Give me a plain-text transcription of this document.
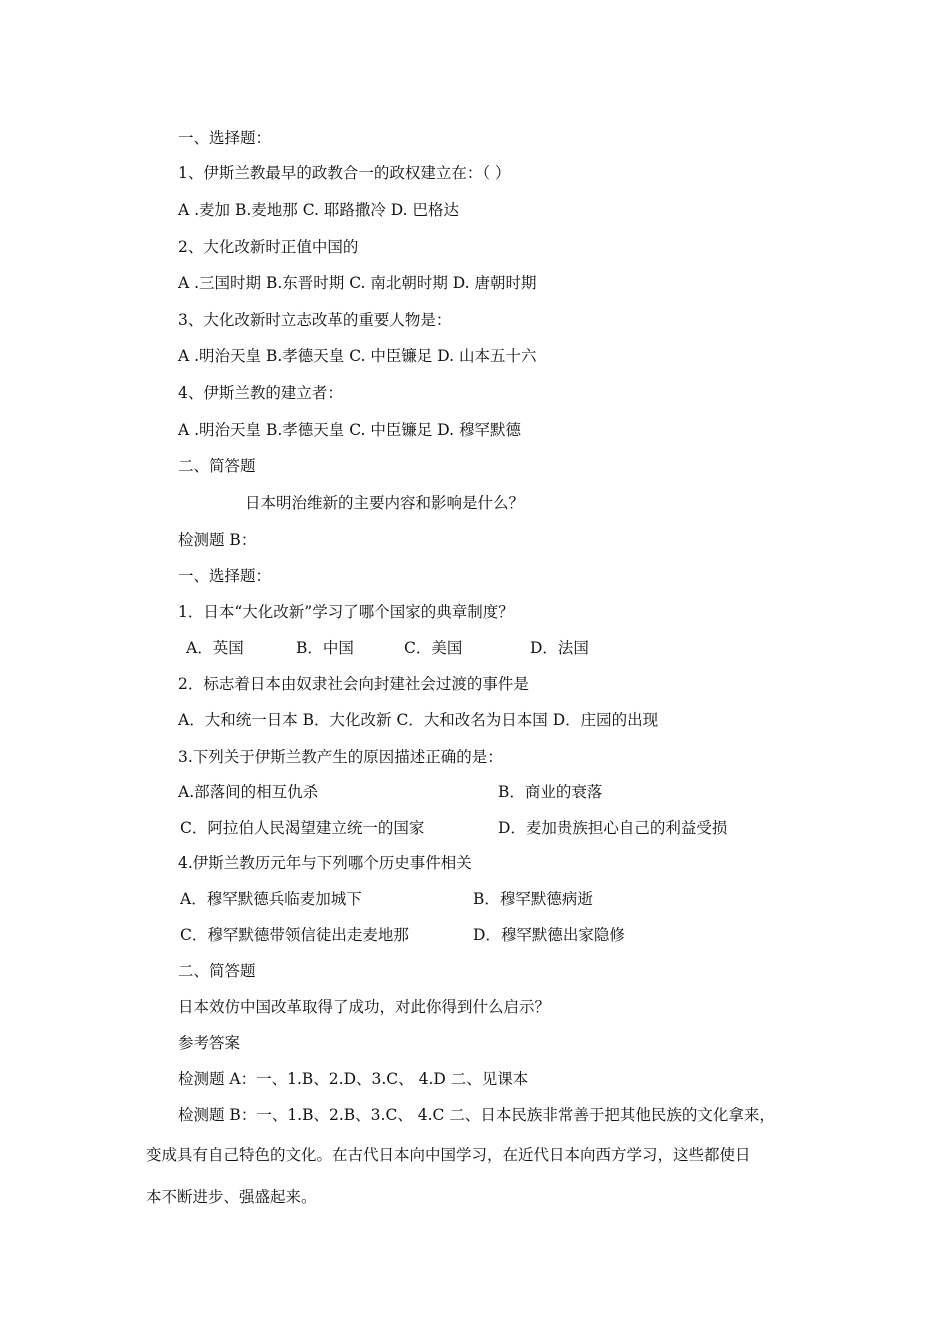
一、选择题：
1、伊斯兰教最早的政教合一的政权建立在：（ ）
A .麦加 B.麦地那 C. 耶路撒冷 D. 巴格达
2、大化改新时正值中国的
A .三国时期 B.东晋时期 C. 南北朝时期 D. 唐朝时期
3、大化改新时立志改革的重要人物是：
A .明治天皇 B.孝德天皇 C. 中臣镰足 D. 山本五十六
4、伊斯兰教的建立者：
A .明治天皇 B.孝德天皇 C. 中臣镰足 D. 穆罕默德
二、简答题
日本明治维新的主要内容和影响是什么？
检测题 B：
一、选择题：
1．日本“大化改新”学习了哪个国家的典章制度？
A．英国	B．中国	C．美国	D．法国
2．标志着日本由奴隶社会向封建社会过渡的事件是
A．大和统一日本 B．大化改新 C．大和改名为日本国 D．庄园的出现
3.下列关于伊斯兰教产生的原因描述正确的是：
A.部落间的相互仇杀	B．商业的衰落
C．阿拉伯人民渴望建立统一的国家	D．麦加贵族担心自己的利益受损
4.伊斯兰教历元年与下列哪个历史事件相关
A．穆罕默德兵临麦加城下	B．穆罕默德病逝
C．穆罕默德带领信徒出走麦地那	D．穆罕默德出家隐修
二、简答题
日本效仿中国改革取得了成功，对此你得到什么启示？
参考答案
检测题 A：一、1.B、2.D、3.C、 4.D 二、见课本
检测题 B：一、1.B、2.B、3.C、 4.C 二、日本民族非常善于把其他民族的文化拿来，
变成具有自己特色的文化。在古代日本向中国学习，在近代日本向西方学习，这些都使日
本不断进步、强盛起来。
